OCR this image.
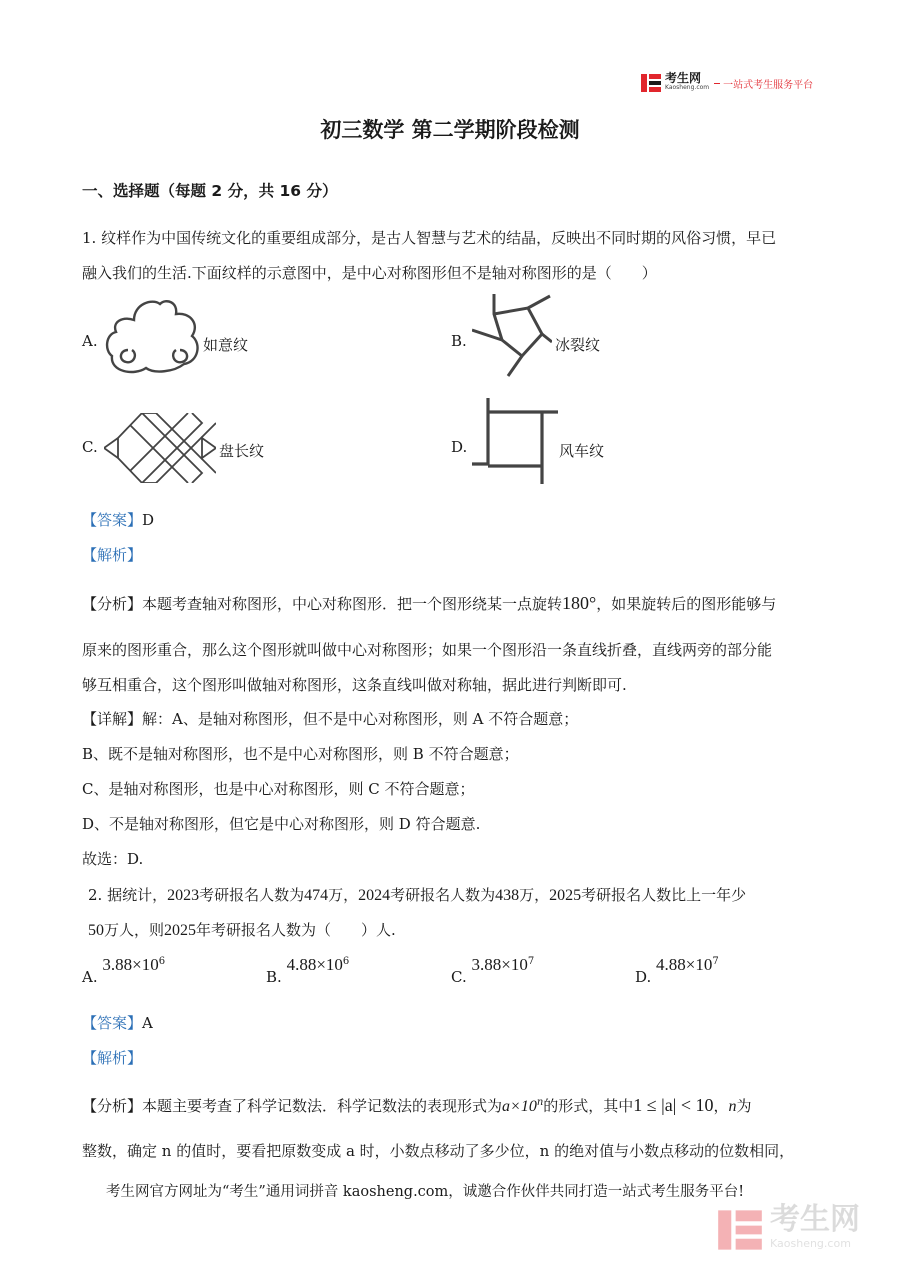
考生网
Kaosheng.com 一站式考生服务平台
初三数学 第二学期阶段检测
一、选择题（每题 2 分，共 16 分）
1. 纹样作为中国传统文化的重要组成部分，是古人智慧与艺术的结晶，反映出不同时期的风俗习惯，早已
融入我们的生活.下面纹样的示意图中，是中心对称图形但不是轴对称图形的是（　　）
A.	如意纹	B.	冰裂纹
C.	盘长纹	D.	风车纹
【答案】D
【解析】
【分析】本题考查轴对称图形，中心对称图形．把一个图形绕某一点旋转180°，如果旋转后的图形能够与
原来的图形重合，那么这个图形就叫做中心对称图形；如果一个图形沿一条直线折叠，直线两旁的部分能
够互相重合，这个图形叫做轴对称图形，这条直线叫做对称轴，据此进行判断即可.
【详解】解：A、是轴对称图形，但不是中心对称图形，则 A 不符合题意；
B、既不是轴对称图形，也不是中心对称图形，则 B 不符合题意；
C、是轴对称图形，也是中心对称图形，则 C 不符合题意；
D、不是轴对称图形，但它是中心对称图形，则 D 符合题意.
故选：D.
2. 据统计，2023考研报名人数为474万，2024考研报名人数为438万，2025考研报名人数比上一年少
50万人，则2025年考研报名人数为（　　）人.
A. $3.88\times 10^6$
B. $4.88\times 10^6$
C. $3.88\times 10^7$
D. $4.88\times 10^7$
【答案】A
【解析】
【分析】本题主要考查了科学记数法．科学记数法的表现形式为$a\times 10^n$的形式，其中1 ≤ |a| < 10，n为
整数，确定 n 的值时，要看把原数变成 a 时，小数点移动了多少位，n 的绝对值与小数点移动的位数相同，
考生网官方网址为“考生”通用词拼音 kaosheng.com，诚邀合作伙伴共同打造一站式考生服务平台!
考生网
Kaosheng.com
